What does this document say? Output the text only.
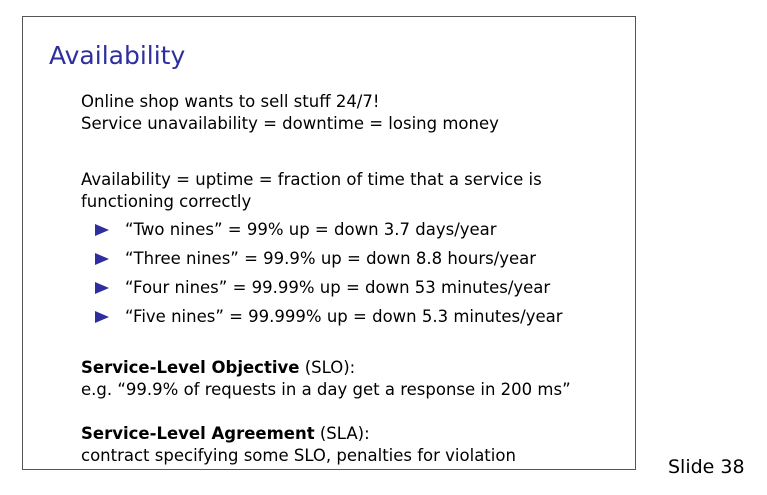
Availability
Online shop wants to sell stuff 24/7!
Service unavailability = downtime = losing money
Availability = uptime = fraction of time that a service is
functioning correctly
“Two nines” = 99% up = down 3.7 days/year
“Three nines” = 99.9% up = down 8.8 hours/year
“Four nines” = 99.99% up = down 53 minutes/year
“Five nines” = 99.999% up = down 5.3 minutes/year
Service-Level Objective (SLO):
e.g. “99.9% of requests in a day get a response in 200 ms”
Service-Level Agreement (SLA):
contract specifying some SLO, penalties for violation
Slide 38
